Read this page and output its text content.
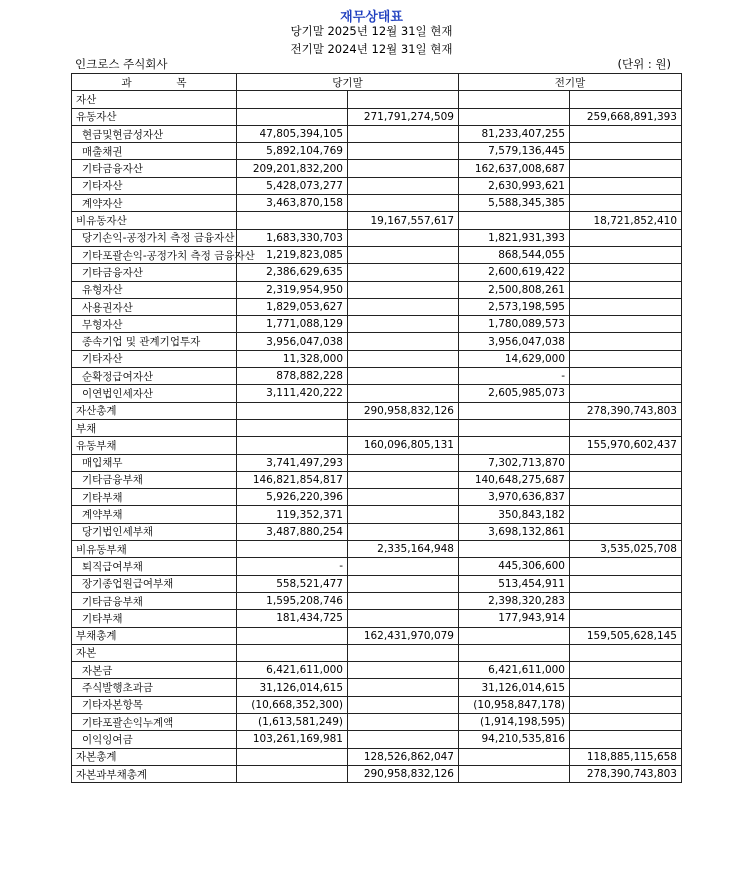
재무상태표
당기말 2025년 12월 31일 현재
전기말 2024년 12월 31일 현재
인크로스 주식회사	(단위 : 원)
과 목	당기말		전기말	
자산				
유동자산		271,791,274,509		259,668,891,393
현금및현금성자산	47,805,394,105		81,233,407,255	
매출채권	5,892,104,769		7,579,136,445	
기타금융자산	209,201,832,200		162,637,008,687	
기타자산	5,428,073,277		2,630,993,621	
계약자산	3,463,870,158		5,588,345,385	
비유동자산		19,167,557,617		18,721,852,410
당기손익-공정가치 측정 금융자산	1,683,330,703		1,821,931,393	
기타포괄손익-공정가치 측정 금융자산	1,219,823,085		868,544,055	
기타금융자산	2,386,629,635		2,600,619,422	
유형자산	2,319,954,950		2,500,808,261	
사용권자산	1,829,053,627		2,573,198,595	
무형자산	1,771,088,129		1,780,089,573	
종속기업 및 관계기업투자	3,956,047,038		3,956,047,038	
기타자산	11,328,000		14,629,000	
순확정급여자산	878,882,228		-	
이연법인세자산	3,111,420,222		2,605,985,073	
자산총계		290,958,832,126		278,390,743,803
부채				
유동부채		160,096,805,131		155,970,602,437
매입채무	3,741,497,293		7,302,713,870	
기타금융부채	146,821,854,817		140,648,275,687	
기타부채	5,926,220,396		3,970,636,837	
계약부채	119,352,371		350,843,182	
당기법인세부채	3,487,880,254		3,698,132,861	
비유동부채		2,335,164,948		3,535,025,708
퇴직급여부채	-		445,306,600	
장기종업원급여부채	558,521,477		513,454,911	
기타금융부채	1,595,208,746		2,398,320,283	
기타부채	181,434,725		177,943,914	
부채총계		162,431,970,079		159,505,628,145
자본				
자본금	6,421,611,000		6,421,611,000	
주식발행초과금	31,126,014,615		31,126,014,615	
기타자본항목	(10,668,352,300)		(10,958,847,178)	
기타포괄손익누계액	(1,613,581,249)		(1,914,198,595)	
이익잉여금	103,261,169,981		94,210,535,816	
자본총계		128,526,862,047		118,885,115,658
자본과부채총계		290,958,832,126		278,390,743,803
